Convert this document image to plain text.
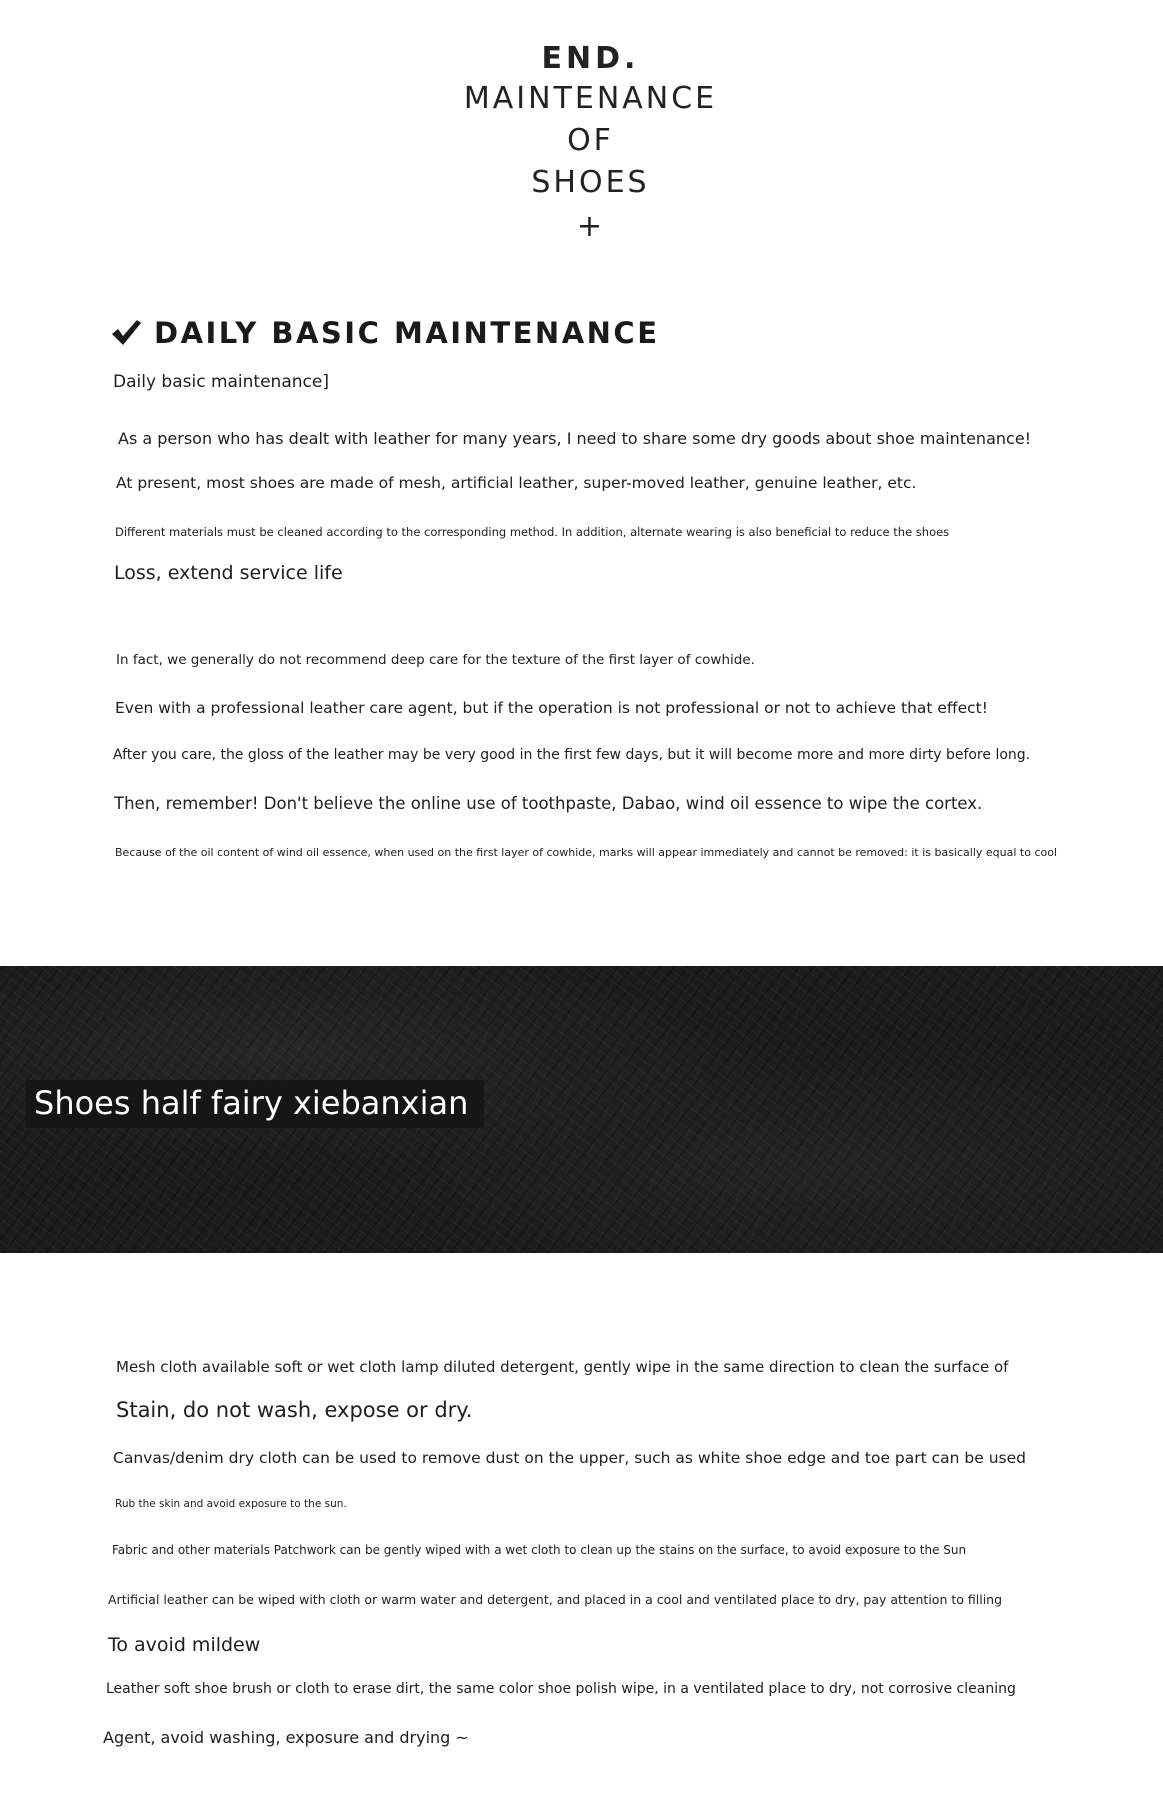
END.
MAINTENANCE
OF
SHOES
+
DAILY BASIC MAINTENANCE
Daily basic maintenance]
As a person who has dealt with leather for many years, I need to share some dry goods about shoe maintenance!
At present, most shoes are made of mesh, artificial leather, super-moved leather, genuine leather, etc.
Different materials must be cleaned according to the corresponding method. In addition, alternate wearing is also beneficial to reduce the shoes
Loss, extend service life
In fact, we generally do not recommend deep care for the texture of the first layer of cowhide.
Even with a professional leather care agent, but if the operation is not professional or not to achieve that effect!
After you care, the gloss of the leather may be very good in the first few days, but it will become more and more dirty before long.
Then, remember! Don't believe the online use of toothpaste, Dabao, wind oil essence to wipe the cortex.
Because of the oil content of wind oil essence, when used on the first layer of cowhide, marks will appear immediately and cannot be removed: it is basically equal to cool
Shoes half fairy xiebanxian
Mesh cloth available soft or wet cloth lamp diluted detergent, gently wipe in the same direction to clean the surface of
Stain, do not wash, expose or dry.
Canvas/denim dry cloth can be used to remove dust on the upper, such as white shoe edge and toe part can be used
Rub the skin and avoid exposure to the sun.
Fabric and other materials Patchwork can be gently wiped with a wet cloth to clean up the stains on the surface, to avoid exposure to the Sun
Artificial leather can be wiped with cloth or warm water and detergent, and placed in a cool and ventilated place to dry, pay attention to filling
To avoid mildew
Leather soft shoe brush or cloth to erase dirt, the same color shoe polish wipe, in a ventilated place to dry, not corrosive cleaning
Agent, avoid washing, exposure and drying ~
